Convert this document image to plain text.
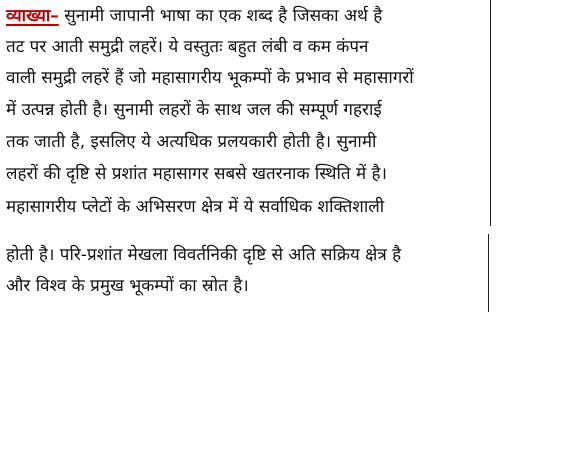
व्याख्या– सुनामी जापानी भाषा का एक शब्द है जिसका अर्थ है
तट पर आती समुद्री लहरें। ये वस्तुतः बहुत लंबी व कम कंपन
वाली समुद्री लहरें हैं जो महासागरीय भूकम्पों के प्रभाव से महासागरों
में उत्पन्न होती है। सुनामी लहरों के साथ जल की सम्पूर्ण गहराई
तक जाती है, इसलिए ये अत्यधिक प्रलयकारी होती है। सुनामी
लहरों की दृष्टि से प्रशांत महासागर सबसे खतरनाक स्थिति में है।
महासागरीय प्लेटों के अभिसरण क्षेत्र में ये सर्वाधिक शक्तिशाली
होती है। परि-प्रशांत मेखला विवर्तनिकी दृष्टि से अति सक्रिय क्षेत्र है
और विश्व के प्रमुख भूकम्पों का स्रोत है।
